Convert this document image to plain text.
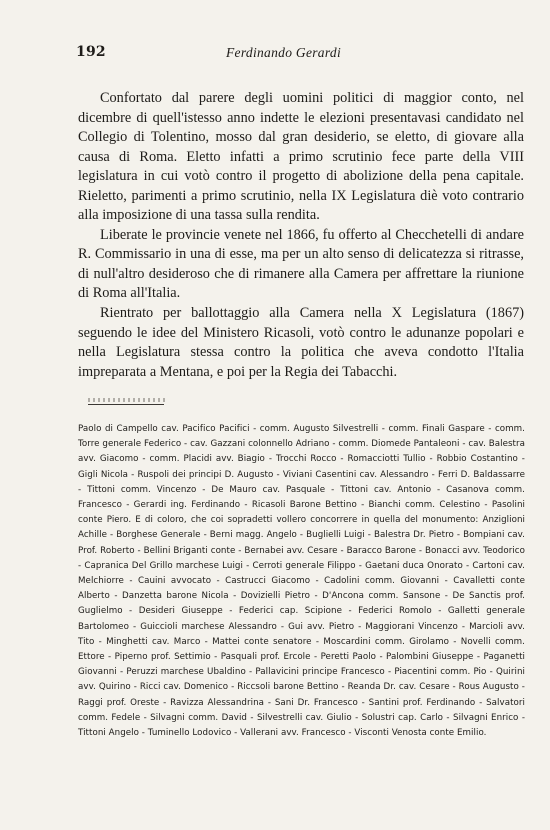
192	Ferdinando Gerardi

Confortato dal parere degli uomini politici di maggior conto, nel dicembre di quell'istesso anno indette le elezioni presentavasi candidato nel Collegio di Tolentino, mosso dal gran desiderio, se eletto, di giovare alla causa di Roma. Eletto infatti a primo scrutinio fece parte della VIII legislatura in cui votò contro il progetto di abolizione della pena capitale. Rieletto, parimenti a primo scrutinio, nella IX Legislatura diè voto contrario alla imposizione di una tassa sulla rendita.

Liberate le provincie venete nel 1866, fu offerto al Checchetelli di andare R. Commissario in una di esse, ma per un alto senso di delicatezza si ritrasse, di null'altro desideroso che di rimanere alla Camera per affrettare la riunione di Roma all'Italia.

Rientrato per ballottaggio alla Camera nella X Legislatura (1867) seguendo le idee del Ministero Ricasoli, votò contro le adunanze popolari e nella Legislatura stessa contro la politica che aveva condotto l'Italia impreparata a Mentana, e poi per la Regia dei Tabacchi.

Paolo di Campello cav. Pacifico Pacifici - comm. Augusto Silvestrelli - comm. Finali Gaspare - comm. Torre generale Federico - cav. Gazzani colonnello Adriano - comm. Diomede Pantaleoni - cav. Balestra avv. Giacomo - comm. Placidi avv. Biagio - Trocchi Rocco - Romacciotti Tullio - Robbio Costantino - Gigli Nicola - Ruspoli dei principi D. Augusto - Viviani Casentini cav. Alessandro - Ferri D. Baldassarre - Tittoni comm. Vincenzo - De Mauro cav. Pasquale - Tittoni cav. Antonio - Casanova comm. Francesco - Gerardi ing. Ferdinando - Ricasoli Barone Bettino - Bianchi comm. Celestino - Pasolini conte Piero. E di coloro, che coi sopradetti vollero concorrere in quella del monumento: Anziglioni Achille - Borghese Generale - Berni magg. Angelo - Buglielli Luigi - Balestra Dr. Pietro - Bompiani cav. Prof. Roberto - Bellini Briganti conte - Bernabei avv. Cesare - Baracco Barone - Bonacci avv. Teodorico - Capranica Del Grillo marchese Luigi - Cerroti generale Filippo - Gaetani duca Onorato - Cartoni cav. Melchiorre - Cauini avvocato - Castrucci Giacomo - Cadolini comm. Giovanni - Cavalletti conte Alberto - Danzetta barone Nicola - Dovizielli Pietro - D'Ancona comm. Sansone - De Sanctis prof. Guglielmo - Desideri Giuseppe - Federici cap. Scipione - Federici Romolo - Galletti generale Bartolomeo - Guiccioli marchese Alessandro - Gui avv. Pietro - Maggiorani Vincenzo - Marcioli avv. Tito - Minghetti cav. Marco - Mattei conte senatore - Moscardini comm. Girolamo - Novelli comm. Ettore - Piperno prof. Settimio - Pasquali prof. Ercole - Peretti Paolo - Palombini Giuseppe - Paganetti Giovanni - Peruzzi marchese Ubaldino - Pallavicini principe Francesco - Piacentini comm. Pio - Quirini avv. Quirino - Ricci cav. Domenico - Riccsoli barone Bettino - Reanda Dr. cav. Cesare - Rous Augusto - Raggi prof. Oreste - Ravizza Alessandrina - Sani Dr. Francesco - Santini prof. Ferdinando - Salvatori comm. Fedele - Silvagni comm. David - Silvestrelli cav. Giulio - Solustri cap. Carlo - Silvagni Enrico - Tittoni Angelo - Tuminello Lodovico - Vallerani avv. Francesco - Visconti Venosta conte Emilio.
